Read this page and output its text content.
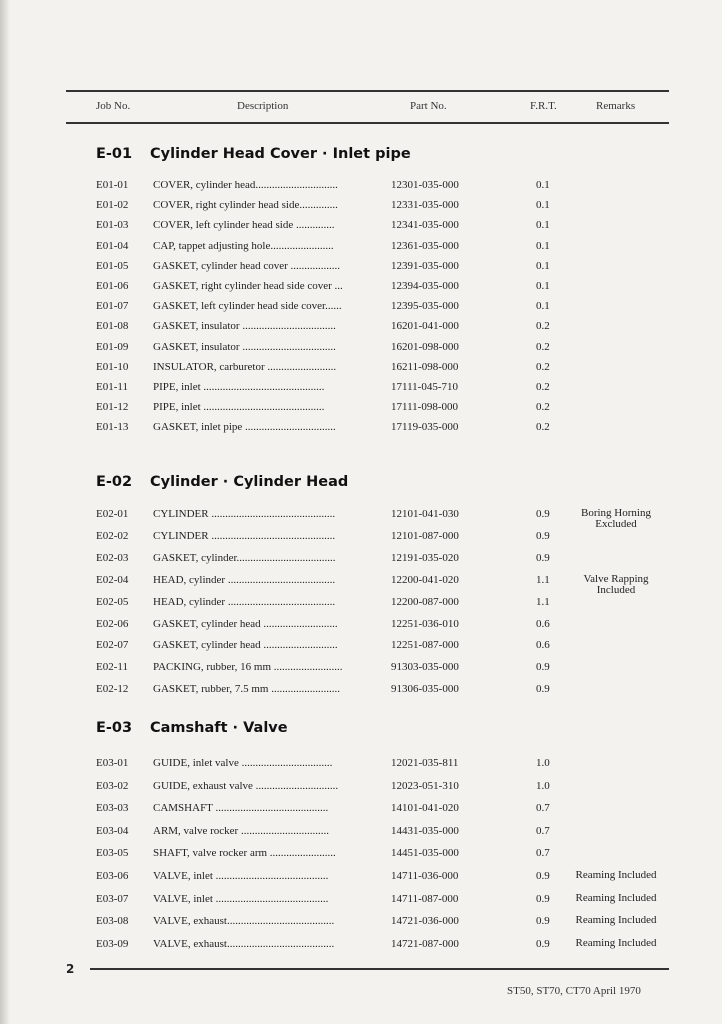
Job No.	Description	Part No.	F.R.T.	Remarks
E-01 Cylinder Head Cover · Inlet pipe
E01-01 COVER, cylinder head..............................	12301-035-000	0.1
E01-02 COVER, right cylinder head side..............	12331-035-000	0.1
E01-03 COVER, left cylinder head side ..............	12341-035-000	0.1
E01-04 CAP, tappet adjusting hole.......................	12361-035-000	0.1
E01-05 GASKET, cylinder head cover ..................	12391-035-000	0.1
E01-06 GASKET, right cylinder head side cover ...	12394-035-000	0.1
E01-07 GASKET, left cylinder head side cover......	12395-035-000	0.1
E01-08 GASKET, insulator ..................................	16201-041-000	0.2
E01-09 GASKET, insulator ..................................	16201-098-000	0.2
E01-10 INSULATOR, carburetor .........................	16211-098-000	0.2
E01-11 PIPE, inlet ............................................	17111-045-710	0.2
E01-12 PIPE, inlet ............................................	17111-098-000	0.2
E01-13 GASKET, inlet pipe .................................	17119-035-000	0.2
E-02 Cylinder · Cylinder Head
E02-01 CYLINDER .............................................	12101-041-030	0.9	Boring Horning Excluded
E02-02 CYLINDER .............................................	12101-087-000	0.9
E02-03 GASKET, cylinder....................................	12191-035-020	0.9
E02-04 HEAD, cylinder .......................................	12200-041-020	1.1	Valve Rapping Included
E02-05 HEAD, cylinder .......................................	12200-087-000	1.1
E02-06 GASKET, cylinder head ...........................	12251-036-010	0.6
E02-07 GASKET, cylinder head ...........................	12251-087-000	0.6
E02-11 PACKING, rubber, 16 mm .........................	91303-035-000	0.9
E02-12 GASKET, rubber, 7.5 mm .........................	91306-035-000	0.9
E-03 Camshaft · Valve
E03-01 GUIDE, inlet valve .................................	12021-035-811	1.0
E03-02 GUIDE, exhaust valve ..............................	12023-051-310	1.0
E03-03 CAMSHAFT .........................................	14101-041-020	0.7
E03-04 ARM, valve rocker ................................	14431-035-000	0.7
E03-05 SHAFT, valve rocker arm ........................	14451-035-000	0.7
E03-06 VALVE, inlet .........................................	14711-036-000	0.9	Reaming Included
E03-07 VALVE, inlet .........................................	14711-087-000	0.9	Reaming Included
E03-08 VALVE, exhaust.......................................	14721-036-000	0.9	Reaming Included
E03-09 VALVE, exhaust.......................................	14721-087-000	0.9	Reaming Included
2
ST50, ST70, CT70 April 1970
